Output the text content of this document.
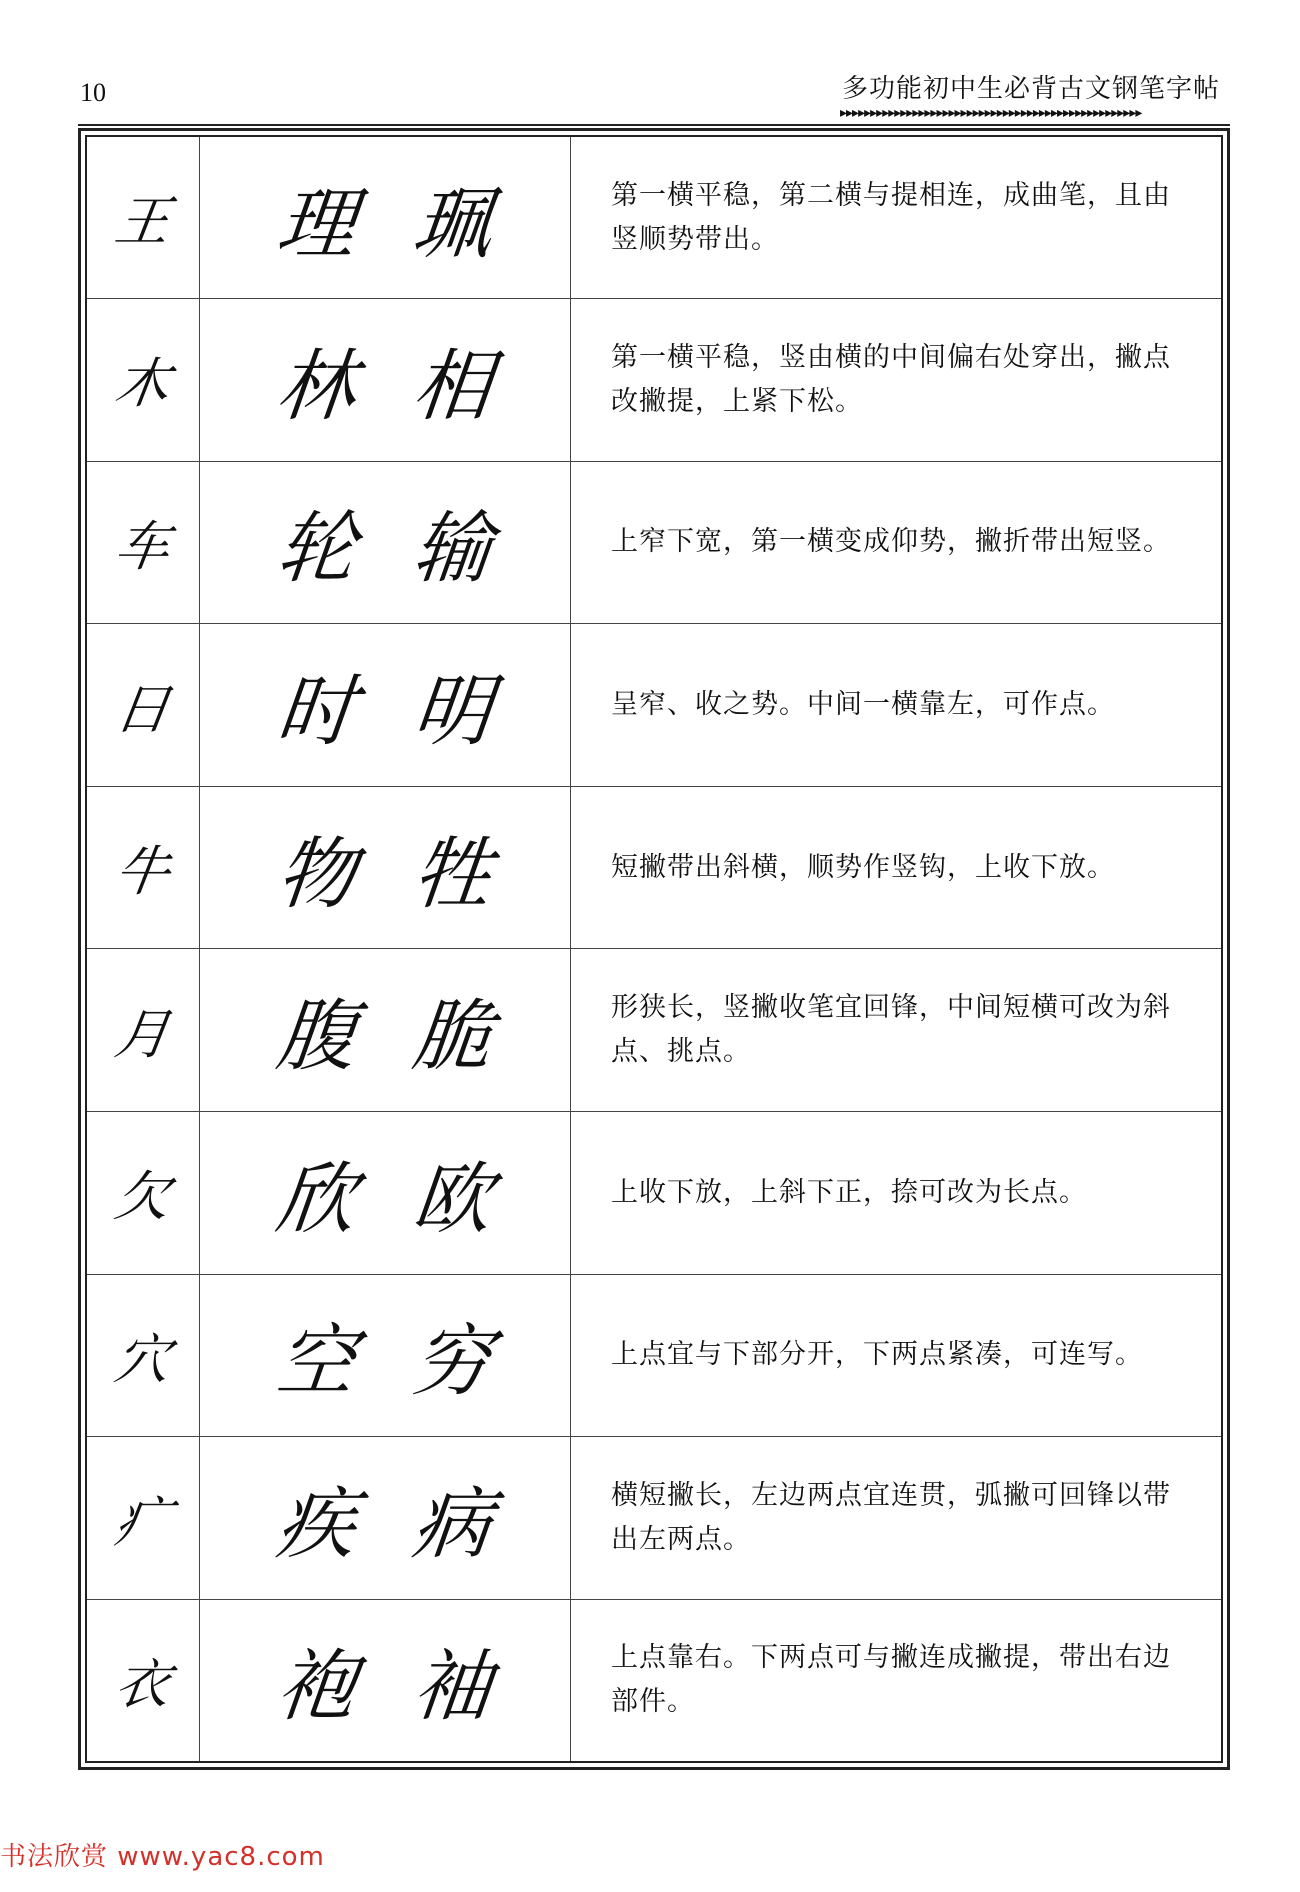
10	多功能初中生必背古文钢笔字帖
▸▸▸▸▸▸▸▸▸▸▸▸▸▸▸▸▸▸▸▸▸▸▸▸▸▸▸▸▸▸▸▸▸▸▸▸▸▸▸▸▸▸▸▸▸▸▸▸▸▸
王	理 珮	第一横平稳，第二横与提相连，成曲笔，且由竖顺势带出。

木	林 相	第一横平稳，竖由横的中间偏右处穿出，撇点改撇提，上紧下松。

车	轮 输	上窄下宽，第一横变成仰势，撇折带出短竖。

日	时 明	呈窄、收之势。中间一横靠左，可作点。

牛	物 牲	短撇带出斜横，顺势作竖钩，上收下放。

月	腹 脆	形狭长，竖撇收笔宜回锋，中间短横可改为斜点、挑点。

欠	欣 欧	上收下放，上斜下正，捺可改为长点。

穴	空 穷	上点宜与下部分开，下两点紧凑，可连写。

疒	疾 病	横短撇长，左边两点宜连贯，弧撇可回锋以带出左两点。

衣	袍 袖	上点靠右。下两点可与撇连成撇提，带出右边部件。
书法欣赏 www.yac8.com
